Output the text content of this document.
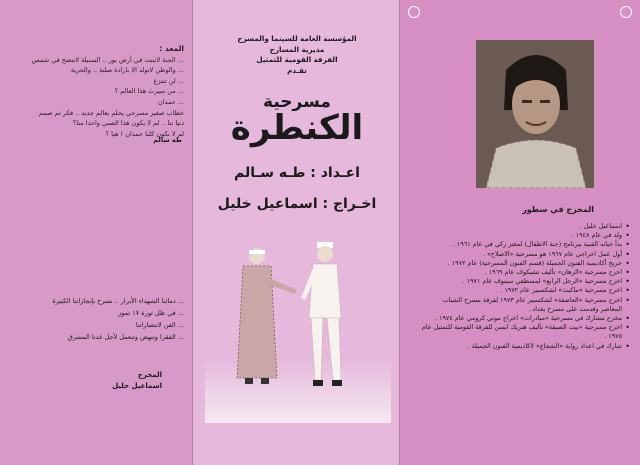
المعد :
... الجنة لاتنبت في أرض بور .. السنبلة لاتنضج في شمس
... والوطن لاتولد الا بارادة صلبة .. والحرية
... لن تنتزع
... من سيرث هذا العالم ؟
... حمدان
خطاب صغير مسرحي يحلم بعالم جديد .. فكر ثم صمم
دنيا ننا .. لم لا يكون هذا الصبي واحدا منا؟
لم لا نكون كلنا حمدان ! هيا ؟
طه سالم
... دمائنا الشهداء الأبرار .. نسرح بإنجازاتنا الكبيرة
... في ظل ثورة ١٧ تموز
... الفن لانتصاراتنا
... الفقرا وتنهض وتنعمل لأجل غدنا المشرق
المخرج
اسماعيل خليل
المؤسسة العامة للسينما والمسرح
مديرية المسارح
الفرقة القومية للتمثيل
تقـدم
مسرحية
الكنطرة
اعـداد : طـه سـالم
اخـراج : اسماعيل خليل	المخرج في سطور
اسماعيل خليل . •
ولد في عام ١٩٤٨ . •
بدأ حياته الفنية ببرنامج (جنة الاطفال) لمعتز زكي في عام ١٩٦١ . •
أول عمل اخراجي عام ١٩٦٧ هو مسرحية «الاصلاح» . •
خريج أكاديمية الفنون الجميلة (قسم الفنون المسرحية) عام ١٩٧٢ . •
اخرج مسرحية «الرهان» تأليف تشيكوف عام ١٩٦٩ . •
اخرج مسرحية «الرجل الرابع» لمسطفي سينوف عام ١٩٧١ . •
اخرج مسرحية «ماكبث» لشكسبير عام ١٩٧٢ . •
اخرج مسرحية «العاصفة» لشكسبير عام ١٩٧٣ لفرقة مسرح الشباب المعاصر وقدمت على مسرح بغداد . •
مخرج مشارك في مسرحية «مبادرات» اخراج موني كرومي عام ١٩٧٤ . •
اخرج مسرحية «بيت الصيفة» تأليف هنريك ابسن للفرقة القومية للتمثيل عام ١٩٧٥ . •
شارك في اعداد رواية «الشجاع» لاكاديمية الفنون الجميلة . •
